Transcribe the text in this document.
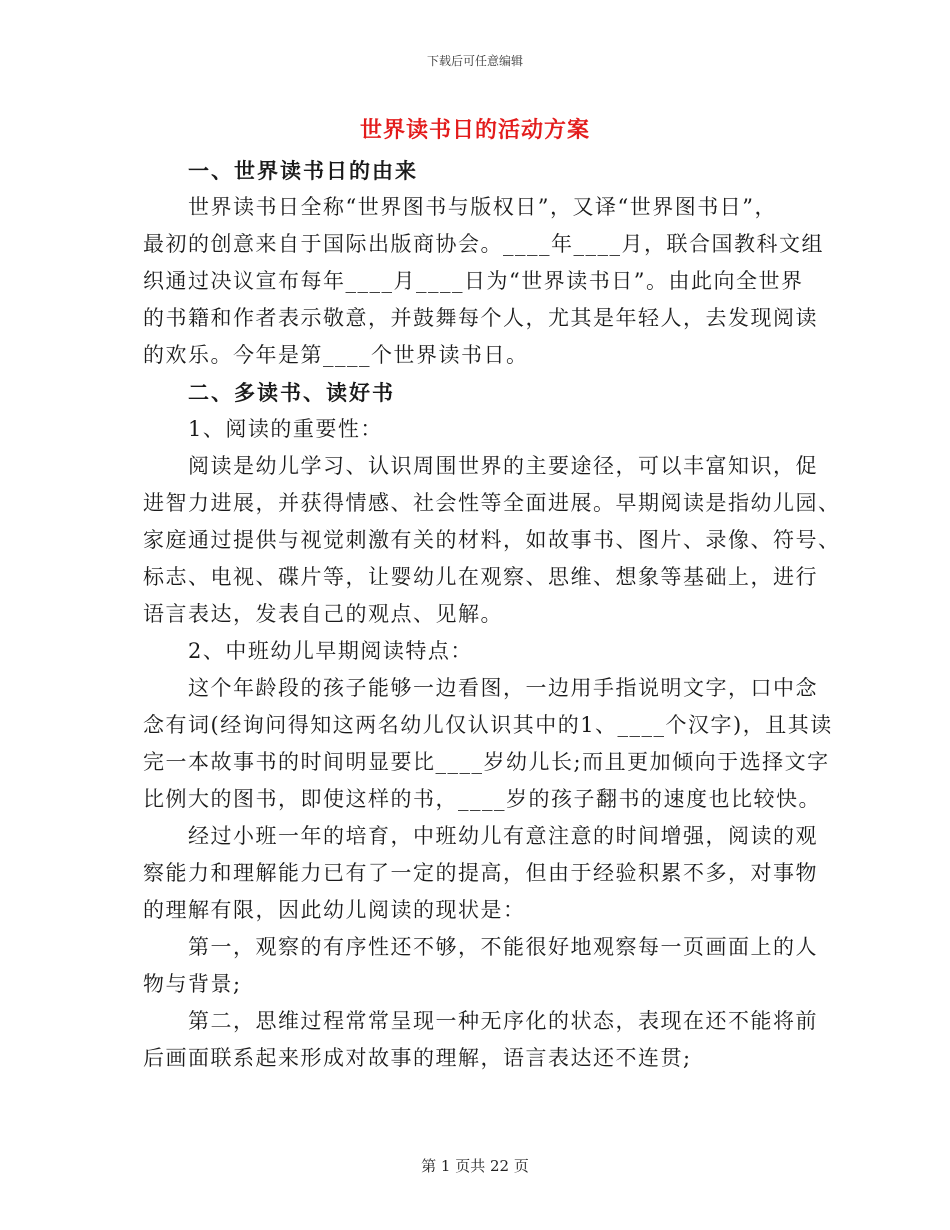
下载后可任意编辑
世界读书日的活动方案
一、世界读书日的由来
世界读书日全称“世界图书与版权日”，又译“世界图书日”，
最初的创意来自于国际出版商协会。____年____月，联合国教科文组
织通过决议宣布每年____月____日为“世界读书日”。由此向全世界
的书籍和作者表示敬意，并鼓舞每个人，尤其是年轻人，去发现阅读
的欢乐。今年是第____个世界读书日。
二、多读书、读好书
1、阅读的重要性：
阅读是幼儿学习、认识周围世界的主要途径，可以丰富知识，促
进智力进展，并获得情感、社会性等全面进展。早期阅读是指幼儿园、
家庭通过提供与视觉刺激有关的材料，如故事书、图片、录像、符号、
标志、电视、碟片等，让婴幼儿在观察、思维、想象等基础上，进行
语言表达，发表自己的观点、见解。
2、中班幼儿早期阅读特点：
这个年龄段的孩子能够一边看图，一边用手指说明文字，口中念
念有词(经询问得知这两名幼儿仅认识其中的1、____个汉字)，且其读
完一本故事书的时间明显要比____岁幼儿长;而且更加倾向于选择文字
比例大的图书，即使这样的书，____岁的孩子翻书的速度也比较快。
经过小班一年的培育，中班幼儿有意注意的时间增强，阅读的观
察能力和理解能力已有了一定的提高，但由于经验积累不多，对事物
的理解有限，因此幼儿阅读的现状是：
第一，观察的有序性还不够，不能很好地观察每一页画面上的人
物与背景;
第二，思维过程常常呈现一种无序化的状态，表现在还不能将前
后画面联系起来形成对故事的理解，语言表达还不连贯;
第 1 页共 22 页
